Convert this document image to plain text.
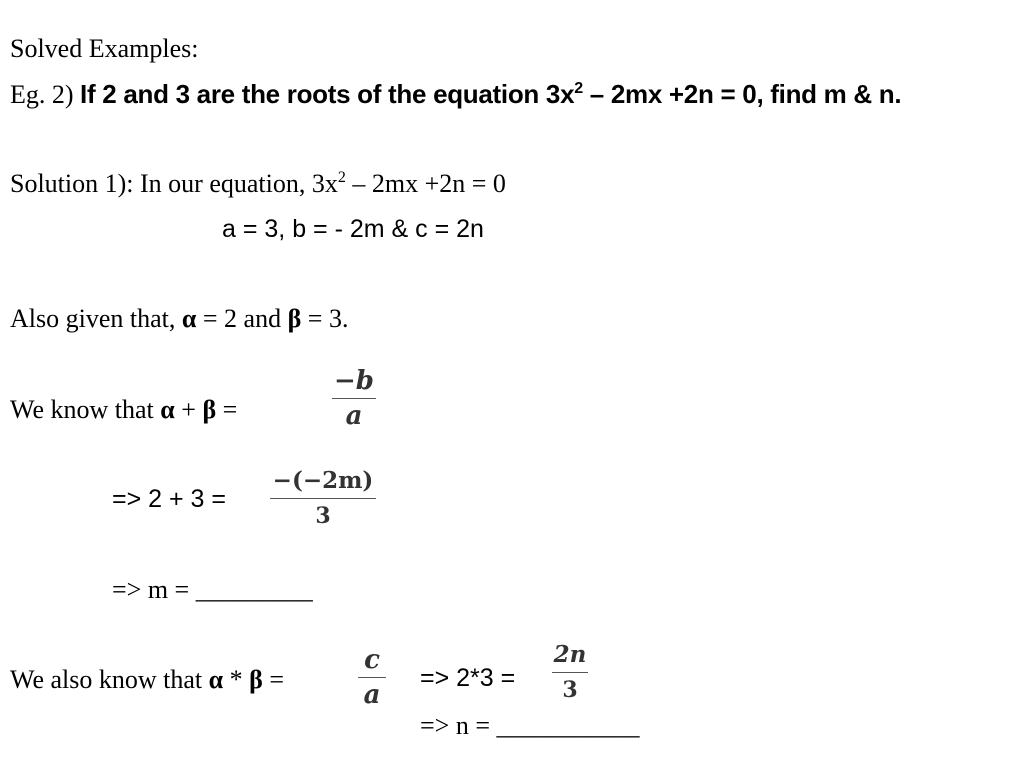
Solved Examples:
Eg. 2) If 2 and 3 are the roots of the equation $3x^2 - 2mx +2n = 0$, find m & n.
Solution 1): In our equation, $3x^2 - 2mx +2n = 0$
a = 3, b = - 2m & c = 2n
Also given that, α = 2 and β = 3.
We know that α + β =
−b
a
=> 2 + 3 =
−(−2m)
3
=> m = _________
We also know that α * β =
c
a
=> 2*3 =
2n
3
=> n = ___________
